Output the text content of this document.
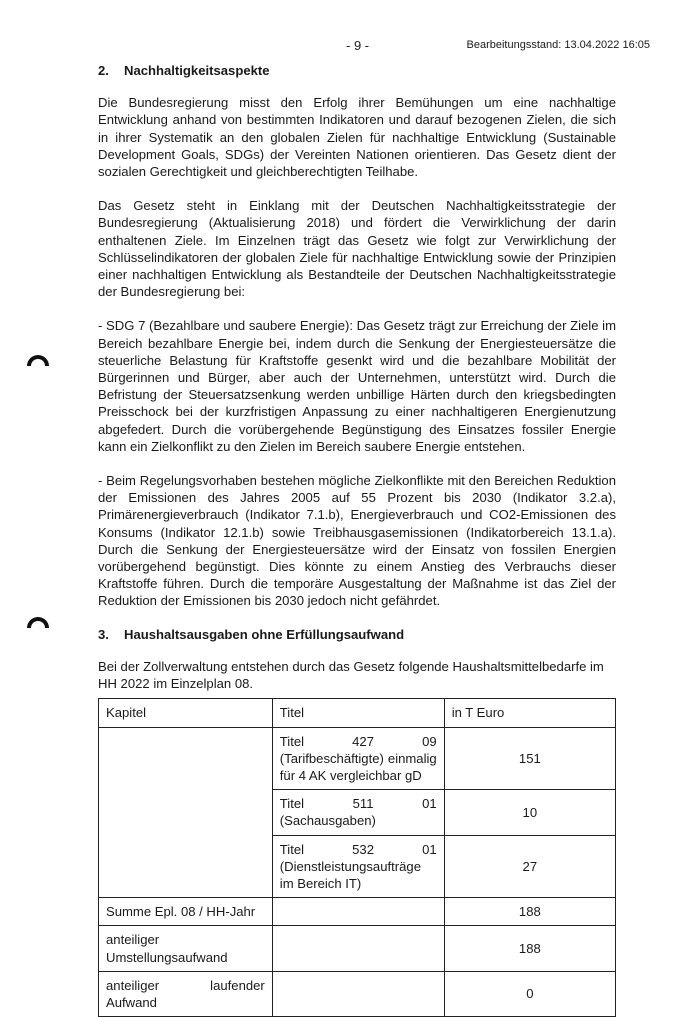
- 9 -	Bearbeitungsstand: 13.04.2022 16:05
2.	Nachhaltigkeitsaspekte

Die Bundesregierung misst den Erfolg ihrer Bemühungen um eine nachhaltige Entwicklung anhand von bestimmten Indikatoren und darauf bezogenen Zielen, die sich in ihrer Systematik an den globalen Zielen für nachhaltige Entwicklung (Sustainable Development Goals, SDGs) der Vereinten Nationen orientieren. Das Gesetz dient der sozialen Gerechtigkeit und gleichberechtigten Teilhabe.

Das Gesetz steht in Einklang mit der Deutschen Nachhaltigkeitsstrategie der Bundesregierung (Aktualisierung 2018) und fördert die Verwirklichung der darin enthaltenen Ziele. Im Einzelnen trägt das Gesetz wie folgt zur Verwirklichung der Schlüsselindikatoren der globalen Ziele für nachhaltige Entwicklung sowie der Prinzipien einer nachhaltigen Entwicklung als Bestandteile der Deutschen Nachhaltigkeitsstrategie der Bundesregierung bei:

- SDG 7 (Bezahlbare und saubere Energie): Das Gesetz trägt zur Erreichung der Ziele im Bereich bezahlbare Energie bei, indem durch die Senkung der Energiesteuersätze die steuerliche Belastung für Kraftstoffe gesenkt wird und die bezahlbare Mobilität der Bürgerinnen und Bürger, aber auch der Unternehmen, unterstützt wird. Durch die Befristung der Steuersatzsenkung werden unbillige Härten durch den kriegsbedingten Preisschock bei der kurzfristigen Anpassung zu einer nachhaltigeren Energienutzung abgefedert. Durch die vorübergehende Begünstigung des Einsatzes fossiler Energie kann ein Zielkonflikt zu den Zielen im Bereich saubere Energie entstehen.

- Beim Regelungsvorhaben bestehen mögliche Zielkonflikte mit den Bereichen Reduktion der Emissionen des Jahres 2005 auf 55 Prozent bis 2030 (Indikator 3.2.a), Primärenergieverbrauch (Indikator 7.1.b), Energieverbrauch und CO2-Emissionen des Konsums (Indikator 12.1.b) sowie Treibhausgasemissionen (Indikatorbereich 13.1.a). Durch die Senkung der Energiesteuersätze wird der Einsatz von fossilen Energien vorübergehend begünstigt. Dies könnte zu einem Anstieg des Verbrauchs dieser Kraftstoffe führen. Durch die temporäre Ausgestaltung der Maßnahme ist das Ziel der Reduktion der Emissionen bis 2030 jedoch nicht gefährdet.

3.	Haushaltsausgaben ohne Erfüllungsaufwand

Bei der Zollverwaltung entstehen durch das Gesetz folgende Haushaltsmittelbedarfe im HH 2022 im Einzelplan 08.

Kapitel	Titel	in T Euro
	Titel 427 09 (Tarifbeschäftigte) einmalig für 4 AK vergleichbar gD	151
	Titel 511 01 (Sachausgaben)	10
	Titel 532 01 (Dienstleistungsaufträge im Bereich IT)	27
Summe Epl. 08 / HH-Jahr		188
anteiliger Umstellungsaufwand		188
anteiliger laufender Aufwand		0
